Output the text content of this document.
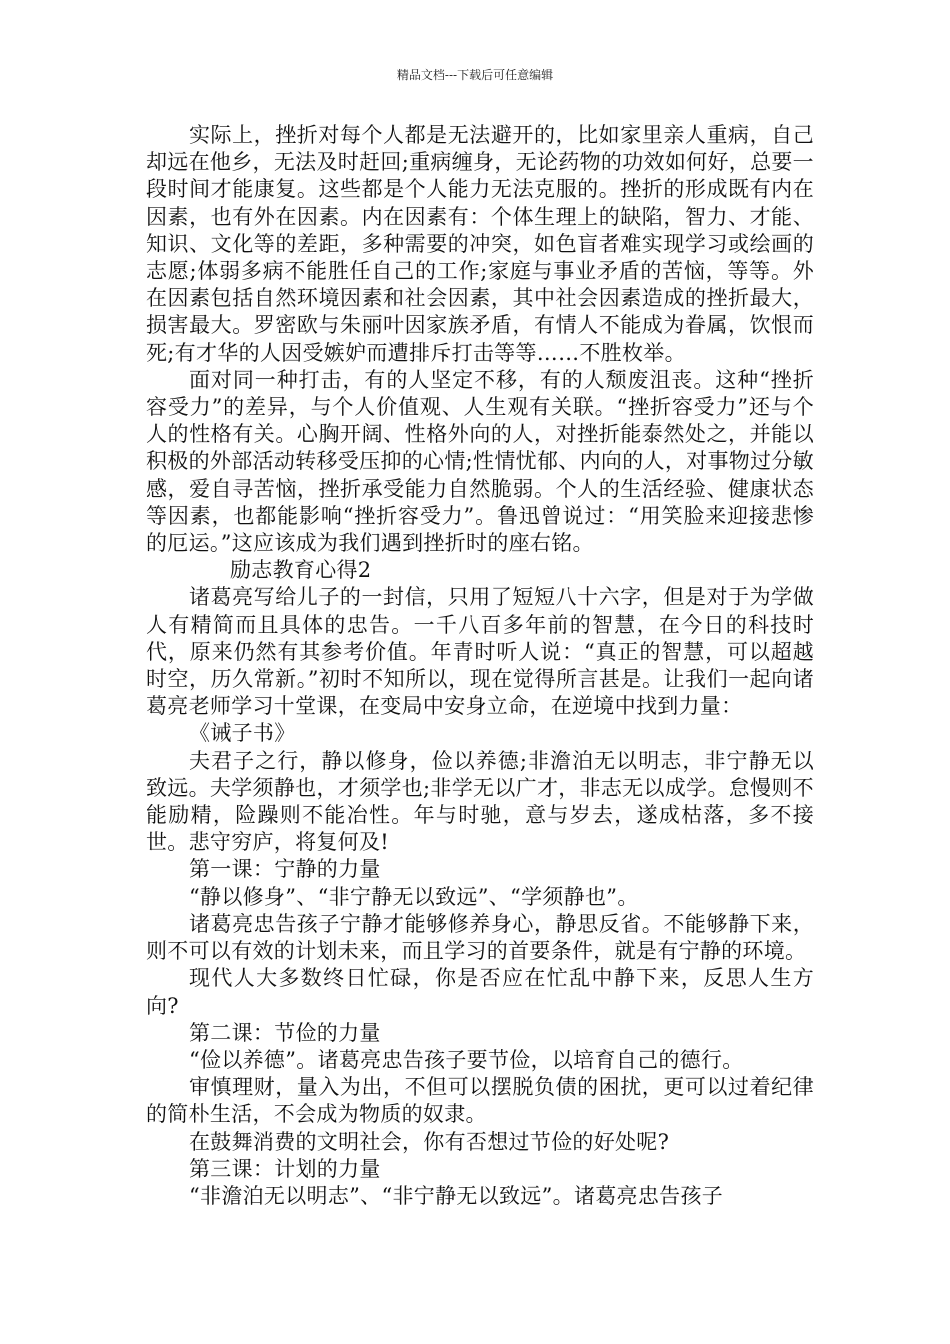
精品文档---下载后可任意编辑

实际上，挫折对每个人都是无法避开的，比如家里亲人重病，自己却远在他乡，无法及时赶回;重病缠身，无论药物的功效如何好，总要一段时间才能康复。这些都是个人能力无法克服的。挫折的形成既有内在因素，也有外在因素。内在因素有：个体生理上的缺陷，智力、才能、知识、文化等的差距，多种需要的冲突，如色盲者难实现学习或绘画的志愿;体弱多病不能胜任自己的工作;家庭与事业矛盾的苦恼，等等。外在因素包括自然环境因素和社会因素，其中社会因素造成的挫折最大，损害最大。罗密欧与朱丽叶因家族矛盾，有情人不能成为眷属，饮恨而死;有才华的人因受嫉妒而遭排斥打击等等……不胜枚举。

面对同一种打击，有的人坚定不移，有的人颓废沮丧。这种“挫折容受力”的差异，与个人价值观、人生观有关联。“挫折容受力”还与个人的性格有关。心胸开阔、性格外向的人，对挫折能泰然处之，并能以积极的外部活动转移受压抑的心情;性情忧郁、内向的人，对事物过分敏感，爱自寻苦恼，挫折承受能力自然脆弱。个人的生活经验、健康状态等因素，也都能影响“挫折容受力”。鲁迅曾说过：“用笑脸来迎接悲惨的厄运。”这应该成为我们遇到挫折时的座右铭。

励志教育心得2

诸葛亮写给儿子的一封信，只用了短短八十六字，但是对于为学做人有精简而且具体的忠告。一千八百多年前的智慧，在今日的科技时代，原来仍然有其参考价值。年青时听人说：“真正的智慧，可以超越时空，历久常新。”初时不知所以，现在觉得所言甚是。让我们一起向诸葛亮老师学习十堂课，在变局中安身立命，在逆境中找到力量：

《诫子书》

夫君子之行，静以修身，俭以养德;非澹泊无以明志，非宁静无以致远。夫学须静也，才须学也;非学无以广才，非志无以成学。怠慢则不能励精，险躁则不能冶性。年与时驰，意与岁去，遂成枯落，多不接世。悲守穷庐，将复何及!

第一课：宁静的力量

“静以修身”、“非宁静无以致远”、“学须静也”。

诸葛亮忠告孩子宁静才能够修养身心，静思反省。不能够静下来，则不可以有效的计划未来，而且学习的首要条件，就是有宁静的环境。

现代人大多数终日忙碌，你是否应在忙乱中静下来，反思人生方向?

第二课：节俭的力量

“俭以养德”。诸葛亮忠告孩子要节俭，以培育自己的德行。

审慎理财，量入为出，不但可以摆脱负债的困扰，更可以过着纪律的简朴生活，不会成为物质的奴隶。

在鼓舞消费的文明社会，你有否想过节俭的好处呢?

第三课：计划的力量

“非澹泊无以明志”、“非宁静无以致远”。诸葛亮忠告孩子
